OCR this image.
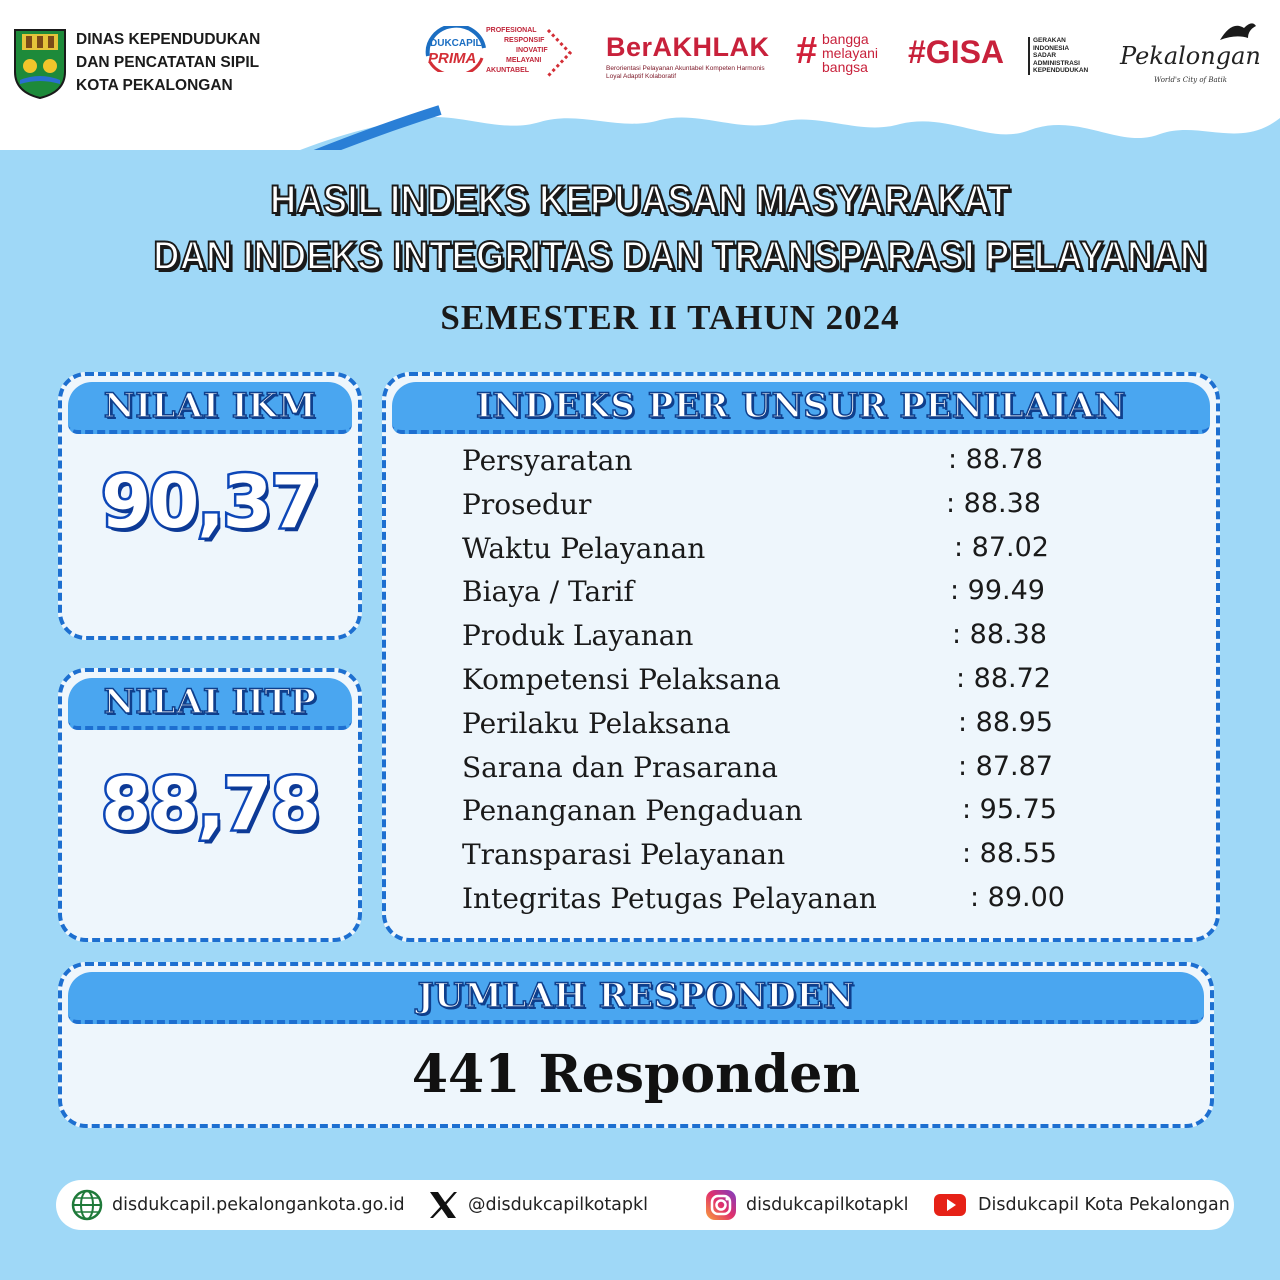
DINAS KEPENDUDUKAN
DAN PENCATATAN SIPIL
KOTA PEKALONGAN
DUKCAPIL
PRIMA
PROFESIONAL
RESPONSIF
INOVATIF
MELAYANI
AKUNTABEL
BerAKHLAK
Berorientasi Pelayanan Akuntabel Kompeten Harmonis Loyal Adaptif Kolaboratif
# bangga
melayani
bangsa	#GISA	GERAKAN
INDONESIA
SADAR
ADMINISTRASI
KEPENDUDUKAN
Pekalongan
World's City of Batik
HASIL INDEKS KEPUASAN MASYARAKAT
DAN INDEKS INTEGRITAS DAN TRANSPARASI PELAYANAN
SEMESTER II TAHUN 2024
NILAI IKM
90,37
NILAI IITP
88,78
INDEKS PER UNSUR PENILAIAN
Persyaratan	: 88.78
Prosedur	: 88.38
Waktu Pelayanan	: 87.02
Biaya / Tarif	: 99.49
Produk Layanan	: 88.38
Kompetensi Pelaksana	: 88.72
Perilaku Pelaksana	: 88.95
Sarana dan Prasarana	: 87.87
Penanganan Pengaduan	: 95.75
Transparasi Pelayanan	: 88.55
Integritas Petugas Pelayanan	: 89.00
JUMLAH RESPONDEN
441 Responden
disdukcapil.pekalongankota.go.id	@disdukcapilkotapkl	disdukcapilkotapkl	Disdukcapil Kota Pekalongan
